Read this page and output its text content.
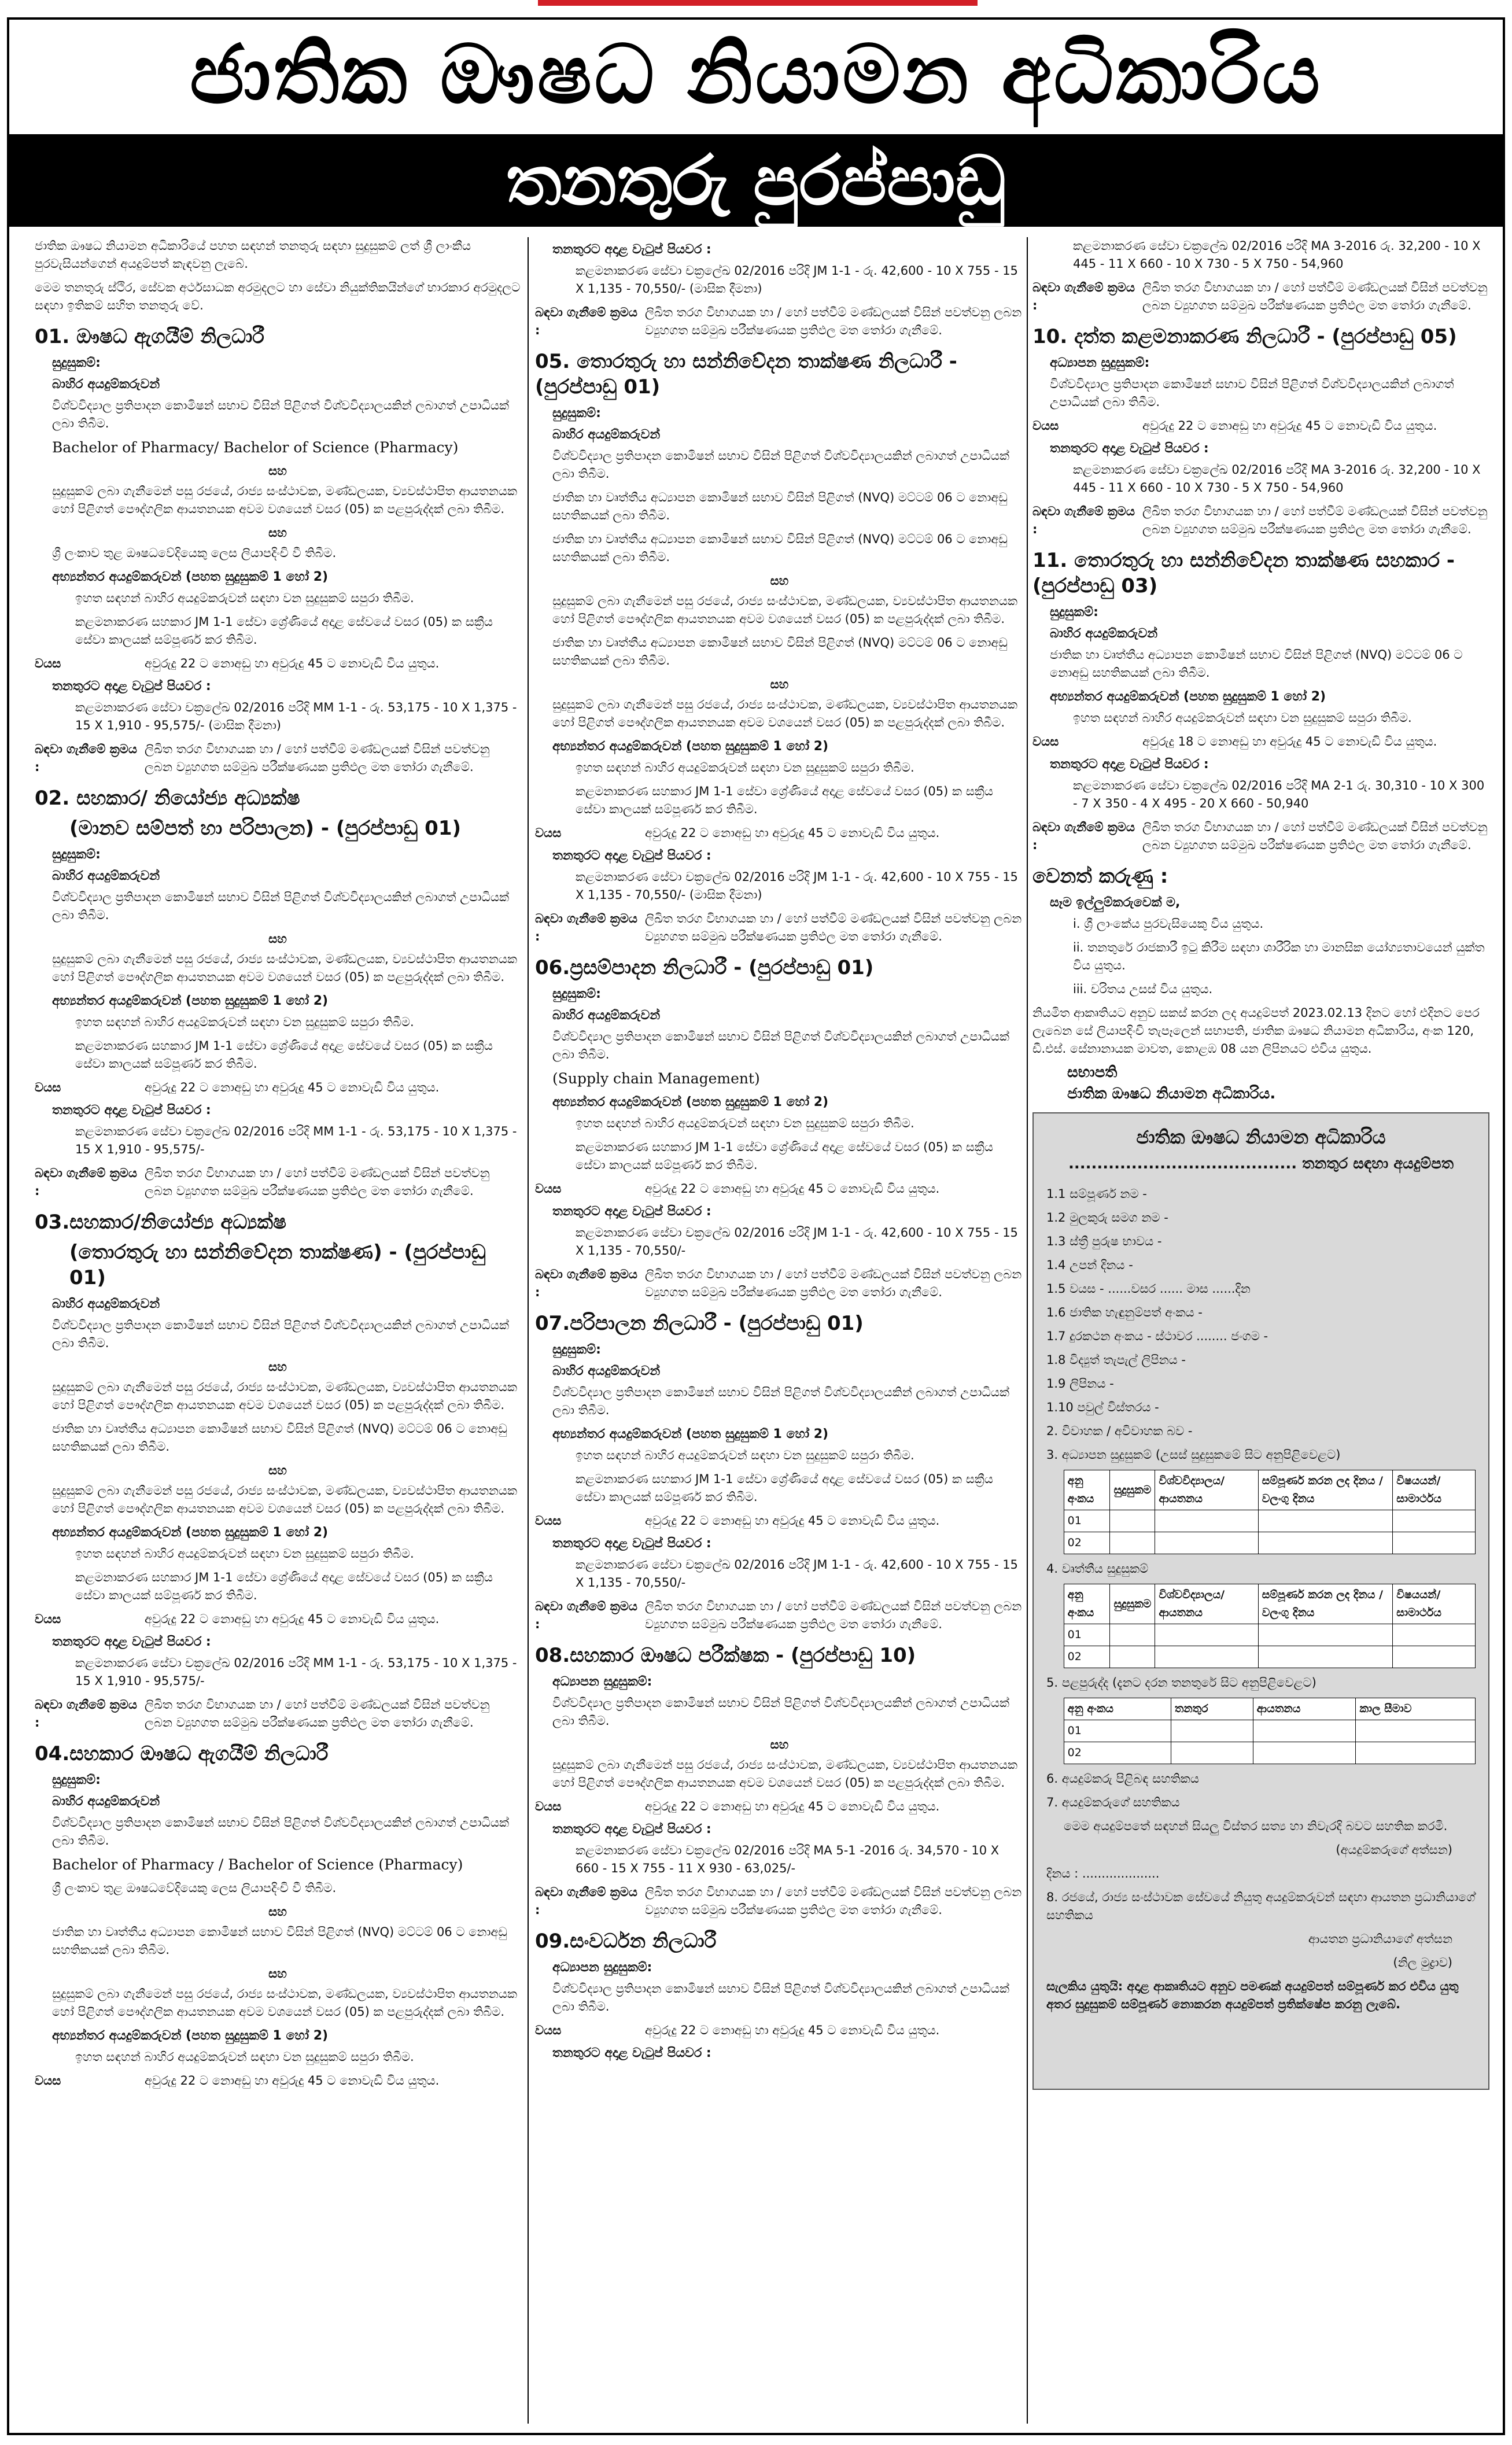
ජාතික ඖෂධ නියාමන අධිකාරිය
තනතුරු පුරප්පාඩු

ජාතික ඖෂධ නියාමන අධිකාරියේ පහත සඳහන් තනතුරු සඳහා සුදුසුකම් ලත් ශ්‍රී ලාංකීය පුරවැසියන්ගෙන් අයදුම්පත් කැඳවනු ලැබේ.

මෙම තනතුරු ස්ථිර, සේවක අර්ථසාධක අරමුදලට හා සේවා නියුක්තිකයින්ගේ භාරකාර අරමුදලට සඳහා ඉතිකම් සහිත තනතුරු වේ.

01. ඖෂධ ඇගයීම් නිලධාරී
සුදුසුකම්:
බාහිර අයදුම්කරුවන්

විශ්වවිද්‍යාල ප්‍රතිපාදන කොමිෂන් සභාව විසින් පිළිගත් විශ්වවිද්‍යාලයකින් ලබාගත් උපාධියක් ලබා තිබීම.

Bachelor of Pharmacy/ Bachelor of Science (Pharmacy)

සහ

සුදුසුකම් ලබා ගැනීමෙන් පසු රජයේ, රාජ්‍ය සංස්ථාවක, මණ්ඩලයක, ව්‍යවස්ථාපිත ආයතනයක හෝ පිළිගත් පෞද්ගලික ආයතනයක අවම වශයෙන් වසර (05) ක පළපුරුද්දක් ලබා තිබීම.

සහ

ශ්‍රී ලංකාව තුළ ඖෂධවේදියෙකු ලෙස ලියාපදිංචි වී තිබීම.

අභ්‍යන්තර අයදුම්කරුවන් (පහත සුදුසුකම් 1 හෝ 2)

ඉහත සඳහන් බාහිර අයදුම්කරුවන් සඳහා වන සුදුසුකම් සපුරා තිබීම.

කළමනාකරණ සහකාර JM 1-1 සේවා ශ්‍රේණියේ අදාළ සේවයේ වසර (05) ක සක්‍රීය සේවා කාලයක් සම්පූර්ණ කර තිබීම.

වයස	අවුරුදු 22 ට නොඅඩු හා අවුරුදු 45 ට නොවැඩි විය යුතුය.
තනතුරට අදාළ වැටුප් පියවර :

කළමනාකරණ සේවා චක්‍රලේඛ 02/2016 පරිදි MM 1-1 - රු. 53,175 - 10 X 1,375 - 15 X 1,910 - 95,575/- (මාසික දීමනා)

බඳවා ගැනීමේ ක්‍රමය :
ලිඛිත තරග විභාගයක හා / හෝ පත්වීම් මණ්ඩලයක් විසින් පවත්වනු ලබන ව්‍යුහගත සම්මුඛ පරීක්ෂණයක ප්‍රතිඵල මත තෝරා ගැනීමේ.
02. සහකාර/ නියෝජ්‍ය අධ්‍යක්ෂ
(මානව සම්පත් හා පරිපාලන) - (පුරප්පාඩු 01)
සුදුසුකම්:
බාහිර අයදුම්කරුවන්

විශ්වවිද්‍යාල ප්‍රතිපාදන කොමිෂන් සභාව විසින් පිළිගත් විශ්වවිද්‍යාලයකින් ලබාගත් උපාධියක් ලබා තිබීම.

සහ

සුදුසුකම් ලබා ගැනීමෙන් පසු රජයේ, රාජ්‍ය සංස්ථාවක, මණ්ඩලයක, ව්‍යවස්ථාපිත ආයතනයක හෝ පිළිගත් පෞද්ගලික ආයතනයක අවම වශයෙන් වසර (05) ක පළපුරුද්දක් ලබා තිබීම.

අභ්‍යන්තර අයදුම්කරුවන් (පහත සුදුසුකම් 1 හෝ 2)

ඉහත සඳහන් බාහිර අයදුම්කරුවන් සඳහා වන සුදුසුකම් සපුරා තිබීම.

කළමනාකරණ සහකාර JM 1-1 සේවා ශ්‍රේණියේ අදාළ සේවයේ වසර (05) ක සක්‍රීය සේවා කාලයක් සම්පූර්ණ කර තිබීම.

වයස	අවුරුදු 22 ට නොඅඩු හා අවුරුදු 45 ට නොවැඩි විය යුතුය.
තනතුරට අදාළ වැටුප් පියවර :

කළමනාකරණ සේවා චක්‍රලේඛ 02/2016 පරිදි MM 1-1 - රු. 53,175 - 10 X 1,375 - 15 X 1,910 - 95,575/-

බඳවා ගැනීමේ ක්‍රමය :
ලිඛිත තරග විභාගයක හා / හෝ පත්වීම් මණ්ඩලයක් විසින් පවත්වනු ලබන ව්‍යුහගත සම්මුඛ පරීක්ෂණයක ප්‍රතිඵල මත තෝරා ගැනීමේ.
03.සහකාර/නියෝජ්‍ය අධ්‍යක්ෂ
(තොරතුරු හා සන්නිවේදන තාක්ෂණ) - (පුරප්පාඩු 01)
බාහිර අයදුම්කරුවන්

විශ්වවිද්‍යාල ප්‍රතිපාදන කොමිෂන් සභාව විසින් පිළිගත් විශ්වවිද්‍යාලයකින් ලබාගත් උපාධියක් ලබා තිබීම.

සහ

සුදුසුකම් ලබා ගැනීමෙන් පසු රජයේ, රාජ්‍ය සංස්ථාවක, මණ්ඩලයක, ව්‍යවස්ථාපිත ආයතනයක හෝ පිළිගත් පෞද්ගලික ආයතනයක අවම වශයෙන් වසර (05) ක පළපුරුද්දක් ලබා තිබීම.

ජාතික හා වෘත්තීය අධ්‍යාපන කොමිෂන් සභාව විසින් පිළිගත් (NVQ) මට්ටම් 06 ට නොඅඩු සහතිකයක් ලබා තිබීම.

සහ

සුදුසුකම් ලබා ගැනීමෙන් පසු රජයේ, රාජ්‍ය සංස්ථාවක, මණ්ඩලයක, ව්‍යවස්ථාපිත ආයතනයක හෝ පිළිගත් පෞද්ගලික ආයතනයක අවම වශයෙන් වසර (05) ක පළපුරුද්දක් ලබා තිබීම.

අභ්‍යන්තර අයදුම්කරුවන් (පහත සුදුසුකම් 1 හෝ 2)

ඉහත සඳහන් බාහිර අයදුම්කරුවන් සඳහා වන සුදුසුකම් සපුරා තිබීම.

කළමනාකරණ සහකාර JM 1-1 සේවා ශ්‍රේණියේ අදාළ සේවයේ වසර (05) ක සක්‍රීය සේවා කාලයක් සම්පූර්ණ කර තිබීම.

වයස	අවුරුදු 22 ට නොඅඩු හා අවුරුදු 45 ට නොවැඩි විය යුතුය.
තනතුරට අදාළ වැටුප් පියවර :

කළමනාකරණ සේවා චක්‍රලේඛ 02/2016 පරිදි MM 1-1 - රු. 53,175 - 10 X 1,375 - 15 X 1,910 - 95,575/-

බඳවා ගැනීමේ ක්‍රමය :
ලිඛිත තරග විභාගයක හා / හෝ පත්වීම් මණ්ඩලයක් විසින් පවත්වනු ලබන ව්‍යුහගත සම්මුඛ පරීක්ෂණයක ප්‍රතිඵල මත තෝරා ගැනීමේ.
04.සහකාර ඖෂධ ඇගයීම් නිලධාරී
සුදුසුකම්:
බාහිර අයදුම්කරුවන්

විශ්වවිද්‍යාල ප්‍රතිපාදන කොමිෂන් සභාව විසින් පිළිගත් විශ්වවිද්‍යාලයකින් ලබාගත් උපාධියක් ලබා තිබීම.

Bachelor of Pharmacy / Bachelor of Science (Pharmacy)

ශ්‍රී ලංකාව තුළ ඖෂධවේදියෙකු ලෙස ලියාපදිංචි වී තිබීම.

සහ

ජාතික හා වෘත්තීය අධ්‍යාපන කොමිෂන් සභාව විසින් පිළිගත් (NVQ) මට්ටම් 06 ට නොඅඩු සහතිකයක් ලබා තිබීම.

සහ

සුදුසුකම් ලබා ගැනීමෙන් පසු රජයේ, රාජ්‍ය සංස්ථාවක, මණ්ඩලයක, ව්‍යවස්ථාපිත ආයතනයක හෝ පිළිගත් පෞද්ගලික ආයතනයක අවම වශයෙන් වසර (05) ක පළපුරුද්දක් ලබා තිබීම.

අභ්‍යන්තර අයදුම්කරුවන් (පහත සුදුසුකම් 1 හෝ 2)

ඉහත සඳහන් බාහිර අයදුම්කරුවන් සඳහා වන සුදුසුකම් සපුරා තිබීම.

වයස	අවුරුදු 22 ට නොඅඩු හා අවුරුදු 45 ට නොවැඩි විය යුතුය.
තනතුරට අදාළ වැටුප් පියවර :

කළමනාකරණ සේවා චක්‍රලේඛ 02/2016 පරිදි JM 1-1 - රු. 42,600 - 10 X 755 - 15 X 1,135 - 70,550/- (මාසික දීමනා)

බඳවා ගැනීමේ ක්‍රමය :
ලිඛිත තරග විභාගයක හා / හෝ පත්වීම් මණ්ඩලයක් විසින් පවත්වනු ලබන ව්‍යුහගත සම්මුඛ පරීක්ෂණයක ප්‍රතිඵල මත තෝරා ගැනීමේ.
05. තොරතුරු හා සන්නිවේදන තාක්ෂණ නිලධාරී - (පුරප්පාඩු 01)
සුදුසුකම්:
බාහිර අයදුම්කරුවන්

විශ්වවිද්‍යාල ප්‍රතිපාදන කොමිෂන් සභාව විසින් පිළිගත් විශ්වවිද්‍යාලයකින් ලබාගත් උපාධියක් ලබා තිබීම.

ජාතික හා වෘත්තීය අධ්‍යාපන කොමිෂන් සභාව විසින් පිළිගත් (NVQ) මට්ටම් 06 ට නොඅඩු සහතිකයක් ලබා තිබීම.

ජාතික හා වෘත්තීය අධ්‍යාපන කොමිෂන් සභාව විසින් පිළිගත් (NVQ) මට්ටම් 06 ට නොඅඩු සහතිකයක් ලබා තිබීම.

සහ

සුදුසුකම් ලබා ගැනීමෙන් පසු රජයේ, රාජ්‍ය සංස්ථාවක, මණ්ඩලයක, ව්‍යවස්ථාපිත ආයතනයක හෝ පිළිගත් පෞද්ගලික ආයතනයක අවම වශයෙන් වසර (05) ක පළපුරුද්දක් ලබා තිබීම.

ජාතික හා වෘත්තීය අධ්‍යාපන කොමිෂන් සභාව විසින් පිළිගත් (NVQ) මට්ටම් 06 ට නොඅඩු සහතිකයක් ලබා තිබීම.

සහ

සුදුසුකම් ලබා ගැනීමෙන් පසු රජයේ, රාජ්‍ය සංස්ථාවක, මණ්ඩලයක, ව්‍යවස්ථාපිත ආයතනයක හෝ පිළිගත් පෞද්ගලික ආයතනයක අවම වශයෙන් වසර (05) ක පළපුරුද්දක් ලබා තිබීම.

අභ්‍යන්තර අයදුම්කරුවන් (පහත සුදුසුකම් 1 හෝ 2)

ඉහත සඳහන් බාහිර අයදුම්කරුවන් සඳහා වන සුදුසුකම් සපුරා තිබීම.

කළමනාකරණ සහකාර JM 1-1 සේවා ශ්‍රේණියේ අදාළ සේවයේ වසර (05) ක සක්‍රීය සේවා කාලයක් සම්පූර්ණ කර තිබීම.

වයස	අවුරුදු 22 ට නොඅඩු හා අවුරුදු 45 ට නොවැඩි විය යුතුය.
තනතුරට අදාළ වැටුප් පියවර :

කළමනාකරණ සේවා චක්‍රලේඛ 02/2016 පරිදි JM 1-1 - රු. 42,600 - 10 X 755 - 15 X 1,135 - 70,550/- (මාසික දීමනා)

බඳවා ගැනීමේ ක්‍රමය :
ලිඛිත තරග විභාගයක හා / හෝ පත්වීම් මණ්ඩලයක් විසින් පවත්වනු ලබන ව්‍යුහගත සම්මුඛ පරීක්ෂණයක ප්‍රතිඵල මත තෝරා ගැනීමේ.
06.ප්‍රසම්පාදන නිලධාරී - (පුරප්පාඩු 01)
සුදුසුකම්:
බාහිර අයදුම්කරුවන්

විශ්වවිද්‍යාල ප්‍රතිපාදන කොමිෂන් සභාව විසින් පිළිගත් විශ්වවිද්‍යාලයකින් ලබාගත් උපාධියක් ලබා තිබීම.

(Supply chain Management)

අභ්‍යන්තර අයදුම්කරුවන් (පහත සුදුසුකම් 1 හෝ 2)

ඉහත සඳහන් බාහිර අයදුම්කරුවන් සඳහා වන සුදුසුකම් සපුරා තිබීම.

කළමනාකරණ සහකාර JM 1-1 සේවා ශ්‍රේණියේ අදාළ සේවයේ වසර (05) ක සක්‍රීය සේවා කාලයක් සම්පූර්ණ කර තිබීම.

වයස	අවුරුදු 22 ට නොඅඩු හා අවුරුදු 45 ට නොවැඩි විය යුතුය.
තනතුරට අදාළ වැටුප් පියවර :

කළමනාකරණ සේවා චක්‍රලේඛ 02/2016 පරිදි JM 1-1 - රු. 42,600 - 10 X 755 - 15 X 1,135 - 70,550/-

බඳවා ගැනීමේ ක්‍රමය :
ලිඛිත තරග විභාගයක හා / හෝ පත්වීම් මණ්ඩලයක් විසින් පවත්වනු ලබන ව්‍යුහගත සම්මුඛ පරීක්ෂණයක ප්‍රතිඵල මත තෝරා ගැනීමේ.
07.පරිපාලන නිලධාරී - (පුරප්පාඩු 01)
සුදුසුකම්:
බාහිර අයදුම්කරුවන්

විශ්වවිද්‍යාල ප්‍රතිපාදන කොමිෂන් සභාව විසින් පිළිගත් විශ්වවිද්‍යාලයකින් ලබාගත් උපාධියක් ලබා තිබීම.

අභ්‍යන්තර අයදුම්කරුවන් (පහත සුදුසුකම් 1 හෝ 2)

ඉහත සඳහන් බාහිර අයදුම්කරුවන් සඳහා වන සුදුසුකම් සපුරා තිබීම.

කළමනාකරණ සහකාර JM 1-1 සේවා ශ්‍රේණියේ අදාළ සේවයේ වසර (05) ක සක්‍රීය සේවා කාලයක් සම්පූර්ණ කර තිබීම.

වයස	අවුරුදු 22 ට නොඅඩු හා අවුරුදු 45 ට නොවැඩි විය යුතුය.
තනතුරට අදාළ වැටුප් පියවර :

කළමනාකරණ සේවා චක්‍රලේඛ 02/2016 පරිදි JM 1-1 - රු. 42,600 - 10 X 755 - 15 X 1,135 - 70,550/-

බඳවා ගැනීමේ ක්‍රමය :
ලිඛිත තරග විභාගයක හා / හෝ පත්වීම් මණ්ඩලයක් විසින් පවත්වනු ලබන ව්‍යුහගත සම්මුඛ පරීක්ෂණයක ප්‍රතිඵල මත තෝරා ගැනීමේ.
08.සහකාර ඖෂධ පරීක්ෂක - (පුරප්පාඩු 10)
අධ්‍යාපන සුදුසුකම්:

විශ්වවිද්‍යාල ප්‍රතිපාදන කොමිෂන් සභාව විසින් පිළිගත් විශ්වවිද්‍යාලයකින් ලබාගත් උපාධියක් ලබා තිබීම.

සහ

සුදුසුකම් ලබා ගැනීමෙන් පසු රජයේ, රාජ්‍ය සංස්ථාවක, මණ්ඩලයක, ව්‍යවස්ථාපිත ආයතනයක හෝ පිළිගත් පෞද්ගලික ආයතනයක අවම වශයෙන් වසර (05) ක පළපුරුද්දක් ලබා තිබීම.

වයස	අවුරුදු 22 ට නොඅඩු හා අවුරුදු 45 ට නොවැඩි විය යුතුය.
තනතුරට අදාළ වැටුප් පියවර :

කළමනාකරණ සේවා චක්‍රලේඛ 02/2016 පරිදි MA 5-1 -2016 රු. 34,570 - 10 X 660 - 15 X 755 - 11 X 930 - 63,025/-

බඳවා ගැනීමේ ක්‍රමය :
ලිඛිත තරග විභාගයක හා / හෝ පත්වීම් මණ්ඩලයක් විසින් පවත්වනු ලබන ව්‍යුහගත සම්මුඛ පරීක්ෂණයක ප්‍රතිඵල මත තෝරා ගැනීමේ.
09.සංවර්ධන නිලධාරී
අධ්‍යාපන සුදුසුකම්:

විශ්වවිද්‍යාල ප්‍රතිපාදන කොමිෂන් සභාව විසින් පිළිගත් විශ්වවිද්‍යාලයකින් ලබාගත් උපාධියක් ලබා තිබීම.

වයස	අවුරුදු 22 ට නොඅඩු හා අවුරුදු 45 ට නොවැඩි විය යුතුය.
තනතුරට අදාළ වැටුප් පියවර :

කළමනාකරණ සේවා චක්‍රලේඛ 02/2016 පරිදි MA 3-2016 රු. 32,200 - 10 X 445 - 11 X 660 - 10 X 730 - 5 X 750 - 54,960

බඳවා ගැනීමේ ක්‍රමය :
ලිඛිත තරග විභාගයක හා / හෝ පත්වීම් මණ්ඩලයක් විසින් පවත්වනු ලබන ව්‍යුහගත සම්මුඛ පරීක්ෂණයක ප්‍රතිඵල මත තෝරා ගැනීමේ.
10. දත්ත කළමනාකරණ නිලධාරී - (පුරප්පාඩු 05)
අධ්‍යාපන සුදුසුකම්:

විශ්වවිද්‍යාල ප්‍රතිපාදන කොමිෂන් සභාව විසින් පිළිගත් විශ්වවිද්‍යාලයකින් ලබාගත් උපාධියක් ලබා තිබීම.

වයස	අවුරුදු 22 ට නොඅඩු හා අවුරුදු 45 ට නොවැඩි විය යුතුය.
තනතුරට අදාළ වැටුප් පියවර :

කළමනාකරණ සේවා චක්‍රලේඛ 02/2016 පරිදි MA 3-2016 රු. 32,200 - 10 X 445 - 11 X 660 - 10 X 730 - 5 X 750 - 54,960

බඳවා ගැනීමේ ක්‍රමය :
ලිඛිත තරග විභාගයක හා / හෝ පත්වීම් මණ්ඩලයක් විසින් පවත්වනු ලබන ව්‍යුහගත සම්මුඛ පරීක්ෂණයක ප්‍රතිඵල මත තෝරා ගැනීමේ.
11. තොරතුරු හා සන්නිවේදන තාක්ෂණ සහකාර - (පුරප්පාඩු 03)
සුදුසුකම්:
බාහිර අයදුම්කරුවන්

ජාතික හා වෘත්තීය අධ්‍යාපන කොමිෂන් සභාව විසින් පිළිගත් (NVQ) මට්ටම් 06 ට නොඅඩු සහතිකයක් ලබා තිබීම.

අභ්‍යන්තර අයදුම්කරුවන් (පහත සුදුසුකම් 1 හෝ 2)

ඉහත සඳහන් බාහිර අයදුම්කරුවන් සඳහා වන සුදුසුකම් සපුරා තිබීම.

වයස	අවුරුදු 18 ට නොඅඩු හා අවුරුදු 45 ට නොවැඩි විය යුතුය.
තනතුරට අදාළ වැටුප් පියවර :

කළමනාකරණ සේවා චක්‍රලේඛ 02/2016 පරිදි MA 2-1 රු. 30,310 - 10 X 300 - 7 X 350 - 4 X 495 - 20 X 660 - 50,940

බඳවා ගැනීමේ ක්‍රමය :
ලිඛිත තරග විභාගයක හා / හෝ පත්වීම් මණ්ඩලයක් විසින් පවත්වනු ලබන ව්‍යුහගත සම්මුඛ පරීක්ෂණයක ප්‍රතිඵල මත තෝරා ගැනීමේ.
වෙනත් කරුණු :
සෑම ඉල්ලුම්කරුවෙක් ම,

i. ශ්‍රී ලාංකේය පුරවැසියෙකු විය යුතුය.

ii. තනතුරේ රාජකාරී ඉටු කිරීම සඳහා ශාරීරික හා මානසික යෝග්‍යතාවයෙන් යුක්ත විය යුතුය.

iii. චරිතය උසස් විය යුතුය.

නියමිත ආකෘතියට අනුව සකස් කරන ලද අයදුම්පත් 2023.02.13 දිනට හෝ එදිනට පෙර ලැබෙන සේ ලියාපදිංචි තැපෑලෙන් සභාපති, ජාතික ඖෂධ නියාමන අධිකාරිය, අංක 120, ඩී.එස්. සේනානායක මාවත, කොළඹ 08 යන ලිපිනයට එවිය යුතුය.

සභාපති
ජාතික ඖෂධ නියාමන අධිකාරිය.
ජාතික ඖෂධ නියාමන අධිකාරිය
........................................ තනතුර සඳහා අයදුම්පත

1.1 සම්පූර්ණ නම -

1.2 මුලකුරු සමග නම -

1.3 ස්ත්‍රී පුරුෂ භාවය -

1.4 උපන් දිනය -

1.5 වයස - ......වසර ...... මාස ......දින

1.6 ජාතික හැඳුනුම්පත් අංකය -

1.7 දුරකථන අංකය - ස්ථාවර ........ ජංගම -

1.8 විද්‍යුත් තැපැල් ලිපිනය -

1.9 ලිපිනය -

1.10 පවුල් විස්තරය -

2. විවාහක / අවිවාහක බව -

3. අධ්‍යාපන සුදුසුකම් (උසස් සුදුසුකමේ සිට අනුපිළිවෙළට)

අනු අංකය	සුදුසුකම	විශ්වවිද්‍යාලය/ ආයතනය	සම්පූර්ණ කරන ලද දිනය / වලංගු දිනය	විෂයයන්/ සාමාර්ථය
01				
02				

4. වෘත්තීය සුදුසුකම්

අනු අංකය	සුදුසුකම	විශ්වවිද්‍යාලය/ ආයතනය	සම්පූර්ණ කරන ලද දිනය / වලංගු දිනය	විෂයයන්/ සාමාර්ථය
01				
02				

5. පළපුරුද්ද (දැනට දරන තනතුරේ සිට අනුපිළිවෙළට)

අනු අංකය	තනතුර	ආයතනය	කාල සීමාව
01			
02			

6. අයදුම්කරු පිළිබඳ සහතිකය

7. අයදුම්කරුගේ සහතිකය

මෙම අයදුම්පතේ සඳහන් සියලු විස්තර සත්‍ය හා නිවැරදි බවට සහතික කරමි.

(අයදුම්කරුගේ අත්සන)

දිනය : ....................

8. රජයේ, රාජ්‍ය සංස්ථාවක සේවයේ නියුතු අයදුම්කරුවන් සඳහා ආයතන ප්‍රධානියාගේ සහතිකය

ආයතන ප්‍රධානියාගේ අත්සන

(නිල මුද්‍රාව)

සැලකිය යුතුයි: අදාළ ආකෘතියට අනුව පමණක් අයදුම්පත් සම්පූර්ණ කර එවිය යුතු අතර සුදුසුකම් සම්පූර්ණ නොකරන අයදුම්පත් ප්‍රතික්ෂේප කරනු ලැබේ.
